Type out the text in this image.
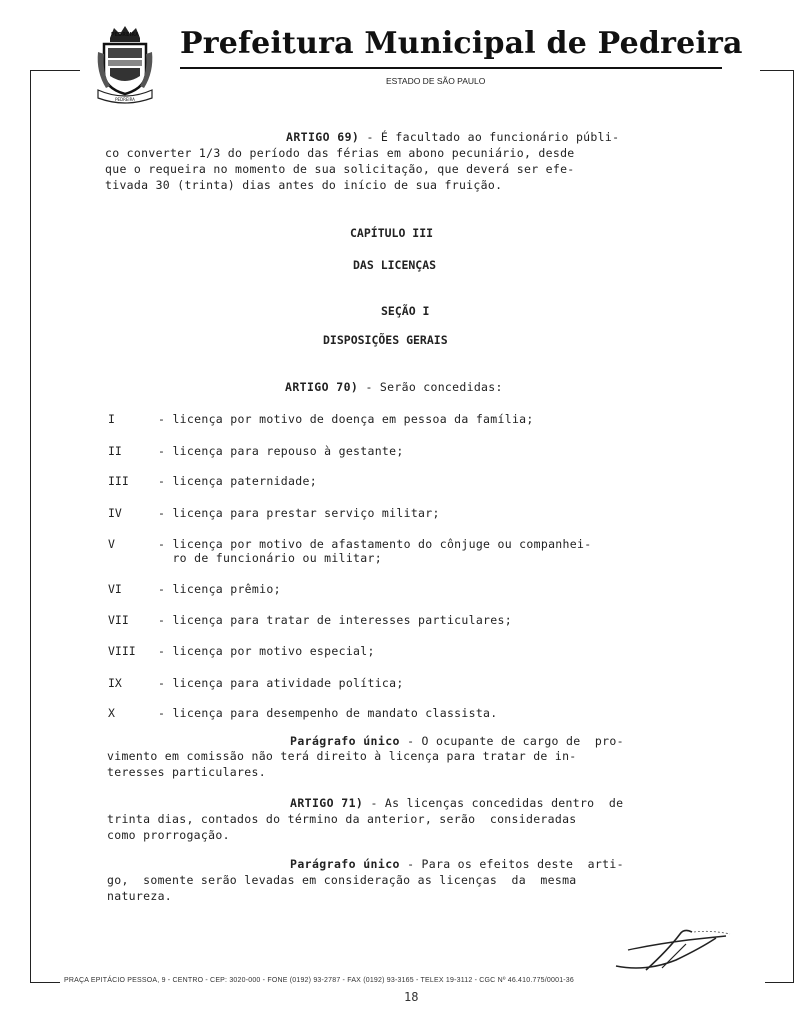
PEDREIRA
PEDREIRA
Prefeitura Municipal de Pedreira
ESTADO DE SÃO PAULO
ARTIGO 69) - É facultado ao funcionário públi-
co converter 1/3 do período das férias em abono pecuniário, desde
que o requeira no momento de sua solicitação, que deverá ser efe-
tivada 30 (trinta) dias antes do início de sua fruição.
CAPÍTULO III
DAS LICENÇAS
SEÇÃO I
DISPOSIÇÕES GERAIS
ARTIGO 70) - Serão concedidas:
I	- licença por motivo de doença em pessoa da família;
II	- licença para repouso à gestante;
III	- licença paternidade;
IV	- licença para prestar serviço militar;
V	- licença por motivo de afastamento do cônjuge ou companhei-
ro de funcionário ou militar;
VI	- licença prêmio;
VII	- licença para tratar de interesses particulares;
VIII - licença por motivo especial;
IX	- licença para atividade política;
X	- licença para desempenho de mandato classista.
Parágrafo único - O ocupante de cargo de  pro-
vimento em comissão não terá direito à licença para tratar de in-
teresses particulares.
ARTIGO 71) - As licenças concedidas dentro  de
trinta dias, contados do término da anterior, serão  consideradas
como prorrogação.
Parágrafo único - Para os efeitos deste  arti-
go,  somente serão levadas em consideração as licenças  da  mesma
natureza.
PRAÇA EPITÁCIO PESSOA, 9 - CENTRO - CEP: 3020-000 - FONE (0192) 93-2787 - FAX (0192) 93-3165 - TELEX 19-3112 - CGC Nº 46.410.775/0001-36
18
